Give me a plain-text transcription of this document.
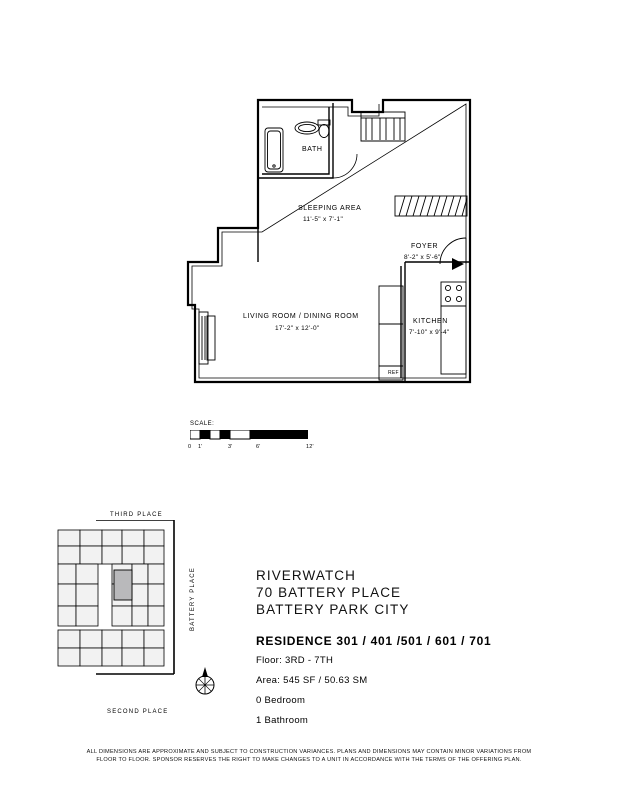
BATH
SLEEPING AREA
11'-5" x 7'-1"
FOYER
8'-2" x 5'-6"
LIVING ROOM / DINING ROOM
17'-2" x 12'-0"
KITCHEN
7'-10" x 9'-4"
REF
SCALE:
0 1'	3'	6'	12'
THIRD PLACE
SECOND PLACE
BATTERY PLACE	RIVERWATCH
70 BATTERY PLACE
BATTERY PARK CITY
RESIDENCE 301 / 401 /501 / 601 / 701
Floor: 3RD - 7TH
Area: 545 SF / 50.63 SM
0 Bedroom
1 Bathroom
ALL DIMENSIONS ARE APPROXIMATE AND SUBJECT TO CONSTRUCTION VARIANCES. PLANS AND DIMENSIONS MAY CONTAIN MINOR VARIATIONS FROM
FLOOR TO FLOOR. SPONSOR RESERVES THE RIGHT TO MAKE CHANGES TO A UNIT IN ACCORDANCE WITH THE TERMS OF THE OFFERING PLAN.
